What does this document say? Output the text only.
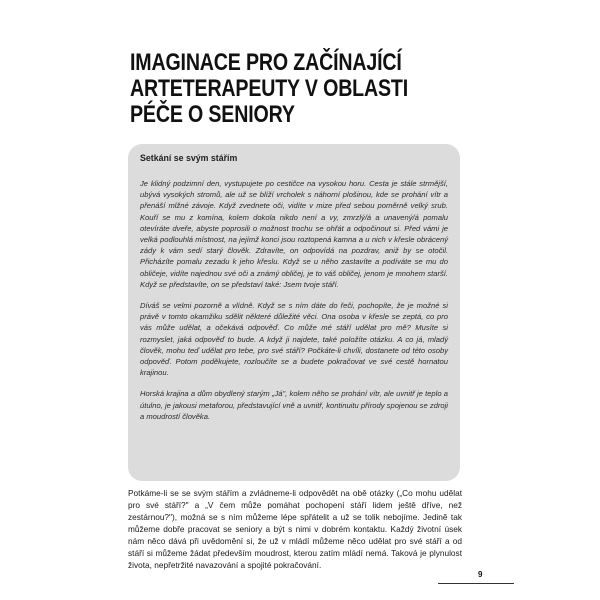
IMAGINACE PRO ZAČÍNAJÍCÍ
ARTETERAPEUTY V OBLASTI
PÉČE O SENIORY
Setkání se svým stářím

Je klidný podzimní den, vystupujete po cestičce na vysokou horu. Cesta je stále strmější, ubývá vysokých stromů, ale už se blíží vrcholek s náhorní plošinou, kde se prohání vítr a přenáší mlžné závoje. Když zvednete oči, vidíte v mize před sebou poměrně velký srub. Kouří se mu z komína, kolem dokola nikdo není a vy, zmrzlý/á a unavený/á pomalu otevíráte dveře, abyste poprosili o možnost trochu se ohřát a odpočinout si. Před vámi je velká podlouhlá místnost, na jejímž konci jsou roztopená kamna a u nich v křesle obrácený zády k vám sedí starý člověk. Zdravíte, on odpovídá na pozdrav, aniž by se otočil. Přicházíte pomalu zezadu k jeho křeslu. Když se u něho zastavíte a podíváte se mu do obličeje, vidíte najednou své oči a známý obličej, je to váš obličej, jenom je mnohem starší. Když se představíte, on se představí také: Jsem tvoje stáří.

Díváš se velmi pozorně a vlídně. Když se s ním dáte do řeči, pochopíte, že je možné si právě v tomto okamžiku sdělit některé důležité věci. Ona osoba v křesle se zeptá, co pro vás může udělat, a očekává odpověď. Co může mé stáří udělat pro mě? Musíte si rozmyslet, jaká odpověď to bude. A když ji najdete, také položíte otázku. A co já, mladý člověk, mohu teď udělat pro tebe, pro své stáří? Počkáte-li chvíli, dostanete od této osoby odpověď. Potom poděkujete, rozloučíte se a budete pokračovat ve své cestě hornatou krajinou.

Horská krajina a dům obydlený starým „Já", kolem něho se prohání vítr, ale uvnitř je teplo a útulno, je jakousi metaforou, představující vně a uvnitř, kontinuitu přírody spojenou se zdroji a moudrostí člověka.

Potkáme-li se se svým stářím a zvládneme-li odpovědět na obě otázky („Co mohu udělat pro své stáří?" a „V čem může pomáhat pochopení stáří lidem ještě dříve, než zestárnou?"), možná se s ním můžeme lépe spřátelit a už se tolik nebojíme. Jedině tak můžeme dobře pracovat se seniory a být s nimi v dobrém kontaktu. Každý životní úsek nám něco dává při uvědomění si, že už v mládí můžeme něco udělat pro své stáří a od stáří si můžeme žádat především moudrost, kterou zatím mládí nemá. Taková je plynulost života, nepřetržité navazování a spojité pokračování.

9
